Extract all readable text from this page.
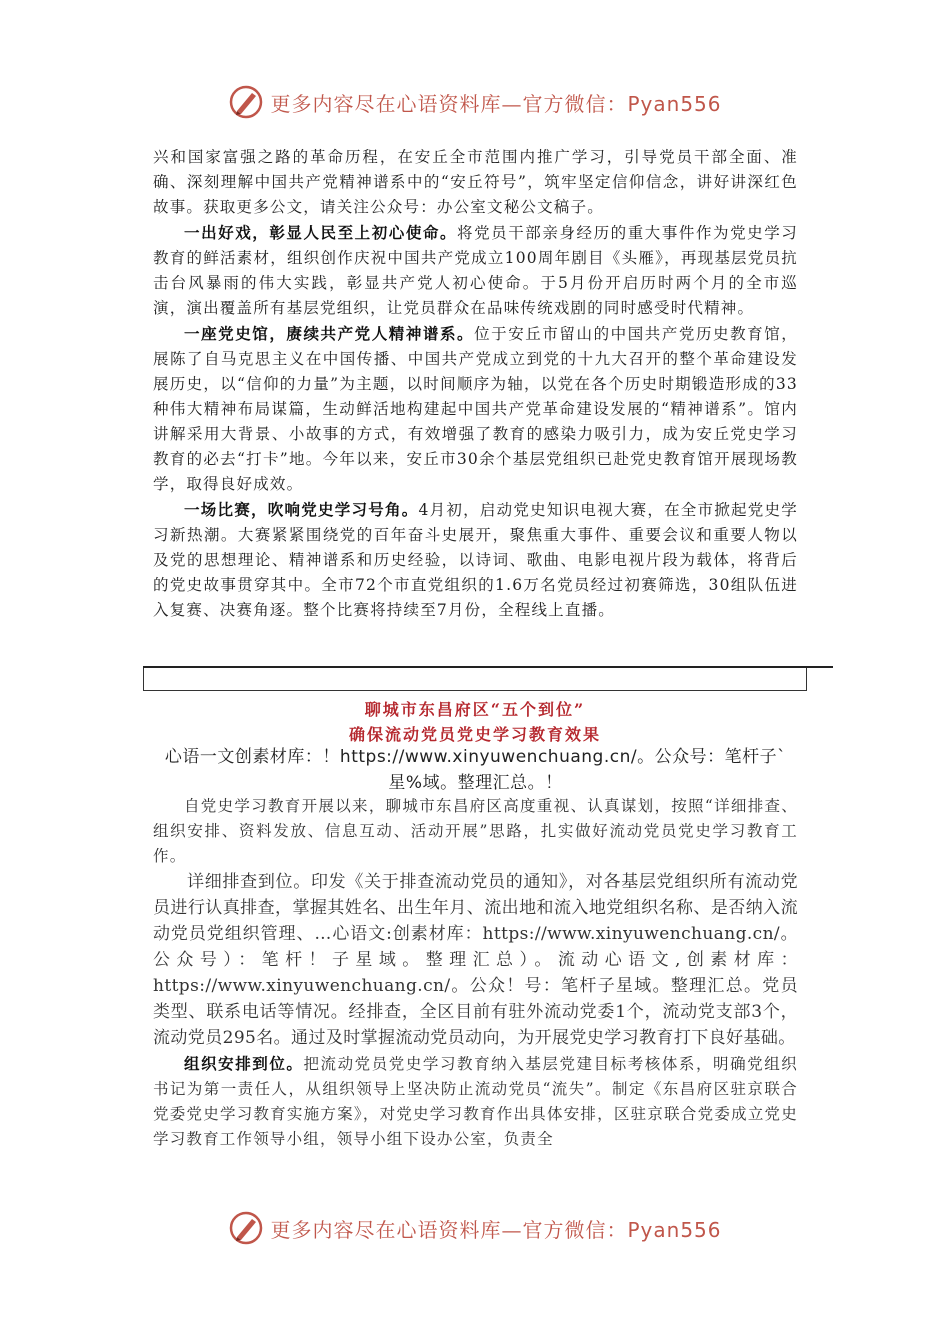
更多内容尽在心语资料库—官方微信：Pyan556

兴和国家富强之路的革命历程，在安丘全市范围内推广学习，引导党员干部全面、准确、深刻理解中国共产党精神谱系中的“安丘符号”，筑牢坚定信仰信念，讲好讲深红色故事。获取更多公文，请关注公众号：办公室文秘公文稿子。

一出好戏，彰显人民至上初心使命。将党员干部亲身经历的重大事件作为党史学习教育的鲜活素材，组织创作庆祝中国共产党成立100周年剧目《头雁》，再现基层党员抗击台风暴雨的伟大实践，彰显共产党人初心使命。于5月份开启历时两个月的全市巡演，演出覆盖所有基层党组织，让党员群众在品味传统戏剧的同时感受时代精神。

一座党史馆，赓续共产党人精神谱系。位于安丘市留山的中国共产党历史教育馆，展陈了自马克思主义在中国传播、中国共产党成立到党的十九大召开的整个革命建设发展历史，以“信仰的力量”为主题，以时间顺序为轴，以党在各个历史时期锻造形成的33种伟大精神布局谋篇，生动鲜活地构建起中国共产党革命建设发展的“精神谱系”。馆内讲解采用大背景、小故事的方式，有效增强了教育的感染力吸引力，成为安丘党史学习教育的必去“打卡”地。今年以来，安丘市30余个基层党组织已赴党史教育馆开展现场教学，取得良好成效。

一场比赛，吹响党史学习号角。4月初，启动党史知识电视大赛，在全市掀起党史学习新热潮。大赛紧紧围绕党的百年奋斗史展开，聚焦重大事件、重要会议和重要人物以及党的思想理论、精神谱系和历史经验，以诗词、歌曲、电影电视片段为载体，将背后的党史故事贯穿其中。全市72个市直党组织的1.6万名党员经过初赛筛选，30组队伍进入复赛、决赛角逐。整个比赛将持续至7月份，全程线上直播。

聊城市东昌府区“五个到位”
确保流动党员党史学习教育效果
心语一文创素材库：！https://www.xinyuwenchuang.cn/。公众号：笔杆子`星%域。整理汇总。！

自党史学习教育开展以来，聊城市东昌府区高度重视、认真谋划，按照“详细排查、组织安排、资料发放、信息互动、活动开展”思路，扎实做好流动党员党史学习教育工作。

详细排查到位。印发《关于排查流动党员的通知》，对各基层党组织所有流动党员进行认真排查，掌握其姓名、出生年月、流出地和流入地党组织名称、是否纳入流动党员党组织管理、…心语文:创素材库：https://www.xinyuwenchuang.cn/。公众号）：笔杆！子星域。整理汇总）。流动心语文,创素材库：https://www.xinyuwenchuang.cn/。公众！号：笔杆子星域。整理汇总。党员类型、联系电话等情况。经排查，全区目前有驻外流动党委1个，流动党支部3个，流动党员295名。通过及时掌握流动党员动向，为开展党史学习教育打下良好基础。

组织安排到位。把流动党员党史学习教育纳入基层党建目标考核体系，明确党组织书记为第一责任人，从组织领导上坚决防止流动党员“流失”。制定《东昌府区驻京联合党委党史学习教育实施方案》，对党史学习教育作出具体安排，区驻京联合党委成立党史学习教育工作领导小组，领导小组下设办公室，负责全

更多内容尽在心语资料库—官方微信：Pyan556
